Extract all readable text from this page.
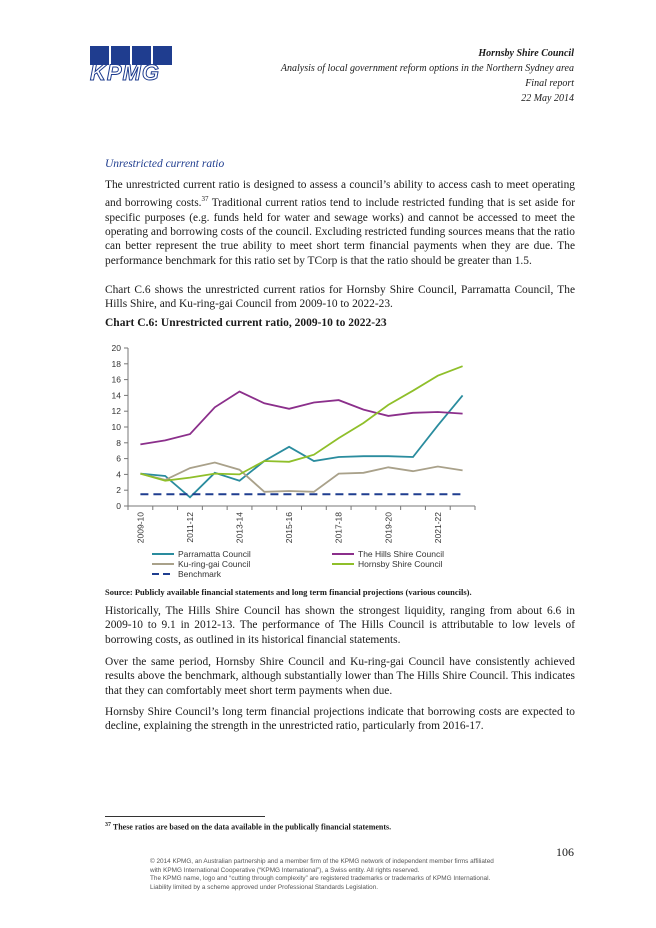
KPMG
Hornsby Shire Council
Analysis of local government reform options in the Northern Sydney area
Final report
22 May 2014
Unrestricted current ratio

The unrestricted current ratio is designed to assess a council’s ability to access cash to meet operating and borrowing costs.$^{37}$ Traditional current ratios tend to include restricted funding that is set aside for specific purposes (e.g. funds held for water and sewage works) and cannot be accessed to meet the operating and borrowing costs of the council. Excluding restricted funding sources means that the ratio can better represent the true ability to meet short term financial payments when they are due. The performance benchmark for this ratio set by TCorp is that the ratio should be greater than 1.5.

Chart C.6 shows the unrestricted current ratios for Hornsby Shire Council, Parramatta Council, The Hills Shire, and Ku-ring-gai Council from 2009-10 to 2022-23.

Chart C.6: Unrestricted current ratio, 2009-10 to 2022-23
0
2
4
6
8
10
12
14
16
18
20
2009-10	2011-12	2013-14	2015-16	2017-18	2019-20	2021-22
Parramatta Council	The Hills Shire Council
Ku-ring-gai Council	Hornsby Shire Council
Benchmark
Source: Publicly available financial statements and long term financial projections (various councils).

Historically, The Hills Shire Council has shown the strongest liquidity, ranging from about 6.6 in 2009-10 to 9.1 in 2012-13. The performance of The Hills Council is attributable to low levels of borrowing costs, as outlined in its historical financial statements.

Over the same period, Hornsby Shire Council and Ku-ring-gai Council have consistently achieved results above the benchmark, although substantially lower than The Hills Shire Council. This indicates that they can comfortably meet short term payments when due.

Hornsby Shire Council’s long term financial projections indicate that borrowing costs are expected to decline, explaining the strength in the unrestricted ratio, particularly from 2016-17.

$^{37}$ These ratios are based on the data available in the publically financial statements.
106
© 2014 KPMG, an Australian partnership and a member firm of the KPMG network of independent member firms affiliated
with KPMG International Cooperative (“KPMG International”), a Swiss entity. All rights reserved.
The KPMG name, logo and “cutting through complexity” are registered trademarks or trademarks of KPMG International.
Liability limited by a scheme approved under Professional Standards Legislation.
